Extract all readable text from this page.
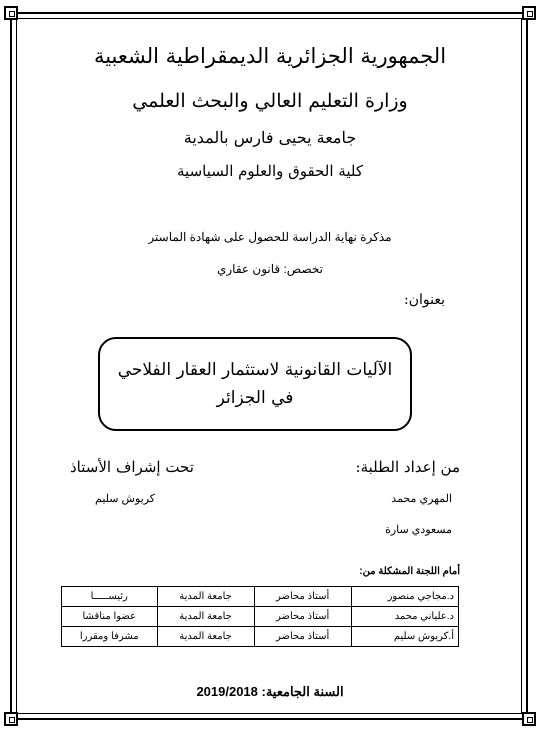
الجمهورية الجزائرية الديمقراطية الشعبية
وزارة التعليم العالي والبحث العلمي
جامعة يحيى فارس بالمدية
كلية الحقوق والعلوم السياسية
مذكرة نهاية الدراسة للحصول على شهادة الماستر
تخصص: قانون عقاري
بعنوان:
الآليات القانونية لاستثمار العقار الفلاحي
في الجزائر
من إعداد الطلبة:
تحت إشراف الأستاذ
المهري محمد
مسعودي سارة
كريوش سليم
أمام اللجنة المشكلة من:
د.مجاجي منصور	أستاذ محاضر	جامعة المدية	رئيســـــا
د.علياني محمد	أستاذ محاضر	جامعة المدية	عضوا مناقشا
أ.كريوش سليم	أستاذ محاضر	جامعة المدية	مشرفا ومقررا
السنة الجامعية: 2019/2018
